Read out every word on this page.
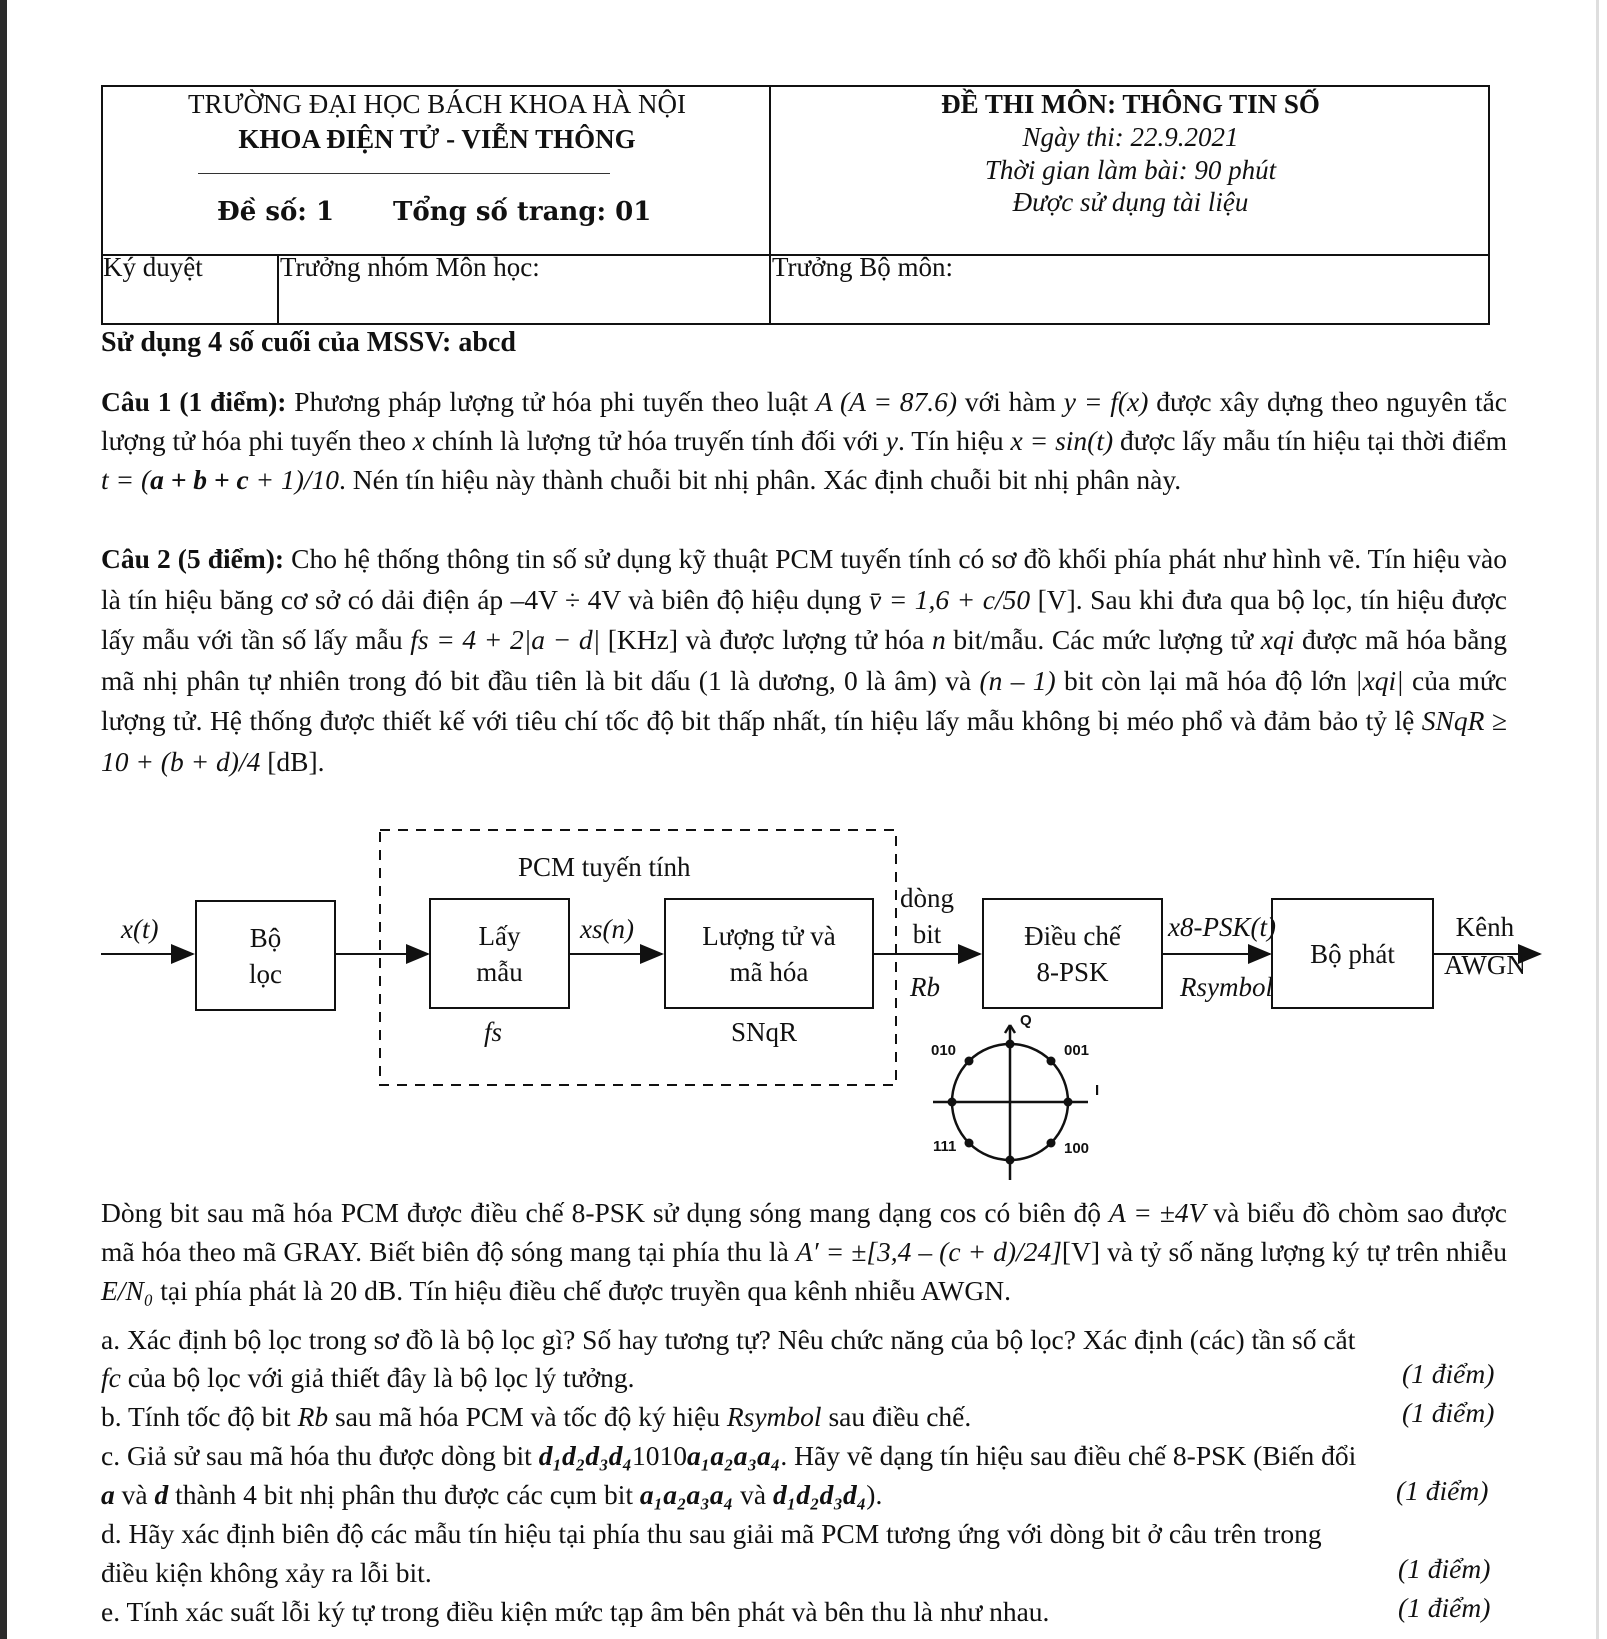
TRƯỜNG ĐẠI HỌC BÁCH KHOA HÀ NỘI
KHOA ĐIỆN TỬ - VIỄN THÔNG
Đề số: 1 Tổng số trang: 01
ĐỀ THI MÔN: THÔNG TIN SỐ
Ngày thi: 22.9.2021
Thời gian làm bài: 90 phút
Được sử dụng tài liệu
Ký duyệt	Trưởng nhóm Môn học:	Trưởng Bộ môn:
Sử dụng 4 số cuối của MSSV: abcd

Câu 1 (1 điểm): Phương pháp lượng tử hóa phi tuyến theo luật A (A = 87.6) với hàm y = f(x) được xây dựng theo nguyên tắc lượng tử hóa phi tuyến theo x chính là lượng tử hóa truyến tính đối với y. Tín hiệu x = sin(t) được lấy mẫu tín hiệu tại thời điểm t = (a + b + c + 1)/10. Nén tín hiệu này thành chuỗi bit nhị phân. Xác định chuỗi bit nhị phân này.

Câu 2 (5 điểm): Cho hệ thống thông tin số sử dụng kỹ thuật PCM tuyến tính có sơ đồ khối phía phát như hình vẽ. Tín hiệu vào là tín hiệu băng cơ sở có dải điện áp –4V ÷ 4V và biên độ hiệu dụng v̄ = 1,6 + c/50 [V]. Sau khi đưa qua bộ lọc, tín hiệu được lấy mẫu với tần số lấy mẫu fs = 4 + 2|a − d| [KHz] và được lượng tử hóa n bit/mẫu. Các mức lượng tử xqi được mã hóa bằng mã nhị phân tự nhiên trong đó bit đầu tiên là bit dấu (1 là dương, 0 là âm) và (n – 1) bit còn lại mã hóa độ lớn |xqi| của mức lượng tử. Hệ thống được thiết kế với tiêu chí tốc độ bit thấp nhất, tín hiệu lấy mẫu không bị méo phổ và đảm bảo tỷ lệ SNqR ≥ 10 + (b + d)/4 [dB].

PCM tuyến tính
x(t)	Bộ
lọc
Lấy
mẫu
xs(n)	Lượng tử và
mã hóa
fs	SNqR
dòng
bit
Rb
Điều chế
8-PSK
x8-PSK(t)
Rsymbol
Bộ phát
Kênh
AWGN
Q
I
010	001
111	100

Dòng bit sau mã hóa PCM được điều chế 8-PSK sử dụng sóng mang dạng cos có biên độ A = ±4V và biểu đồ chòm sao được mã hóa theo mã GRAY. Biết biên độ sóng mang tại phía thu là A′ = ±[3,4 – (c + d)/24][V] và tỷ số năng lượng ký tự trên nhiễu E/N₀ tại phía phát là 20 dB. Tín hiệu điều chế được truyền qua kênh nhiễu AWGN.

a. Xác định bộ lọc trong sơ đồ là bộ lọc gì? Số hay tương tự? Nêu chức năng của bộ lọc? Xác định (các) tần số cắt
fc của bộ lọc với giả thiết đây là bộ lọc lý tưởng.	(1 điểm)
b. Tính tốc độ bit Rb sau mã hóa PCM và tốc độ ký hiệu Rsymbol sau điều chế.	(1 điểm)
c. Giả sử sau mã hóa thu được dòng bit d₁d₂d₃d₄1010a₁a₂a₃a₄. Hãy vẽ dạng tín hiệu sau điều chế 8-PSK (Biến đổi
a và d thành 4 bit nhị phân thu được các cụm bit a₁a₂a₃a₄ và d₁d₂d₃d₄).	(1 điểm)
d. Hãy xác định biên độ các mẫu tín hiệu tại phía thu sau giải mã PCM tương ứng với dòng bit ở câu trên trong
điều kiện không xảy ra lỗi bit.	(1 điểm)
e. Tính xác suất lỗi ký tự trong điều kiện mức tạp âm bên phát và bên thu là như nhau.	(1 điểm)
